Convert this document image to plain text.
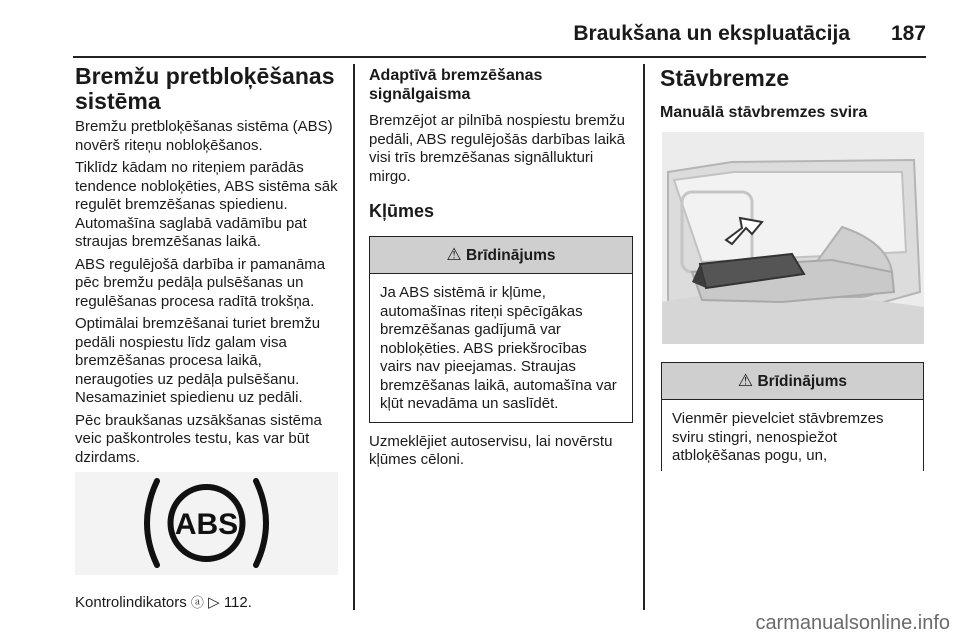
Braukšana un ekspluatācija	187
Bremžu pretbloķēšanas sistēma

Bremžu pretbloķēšanas sistēma (ABS) novērš riteņu nobloķēšanos.

Tiklīdz kādam no riteņiem parādās tendence nobloķēties, ABS sistēma sāk regulēt bremzēšanas spiedienu. Automašīna saglabā vadāmību pat straujas bremzēšanas laikā.

ABS regulējošā darbība ir pamanāma pēc bremžu pedāļa pulsēšanas un regulēšanas procesa radītā trokšņa.

Optimālai bremzēšanai turiet bremžu pedāli nospiestu līdz galam visa bremzēšanas procesa laikā, neraugoties uz pedāļa pulsēšanu. Nesamaziniet spiedienu uz pedāli.

Pēc braukšanas uzsākšanas sistēma veic paškontroles testu, kas var būt dzirdams.

ABS

Kontrolindikators ⓐ ▷ 112.

Adaptīvā bremzēšanas signālgaisma

Bremzējot ar pilnībā nospiestu bremžu pedāli, ABS regulējošās darbības laikā visi trīs bremzēšanas signāllukturi mirgo.

Kļūmes
⚠ Brīdinājums

Ja ABS sistēmā ir kļūme, automašīnas riteņi spēcīgākas bremzēšanas gadījumā var nobloķēties. ABS priekšrocības vairs nav pieejamas. Straujas bremzēšanas laikā, automašīna var kļūt nevadāma un saslīdēt.

Uzmeklējiet autoservisu, lai novērstu kļūmes cēloni.

Stāvbremze
Manuālā stāvbremzes svira
⚠ Brīdinājums

Vienmēr pievelciet stāvbremzes sviru stingri, nenospiežot atbloķēšanas pogu, un,

carmanualsonline.info
